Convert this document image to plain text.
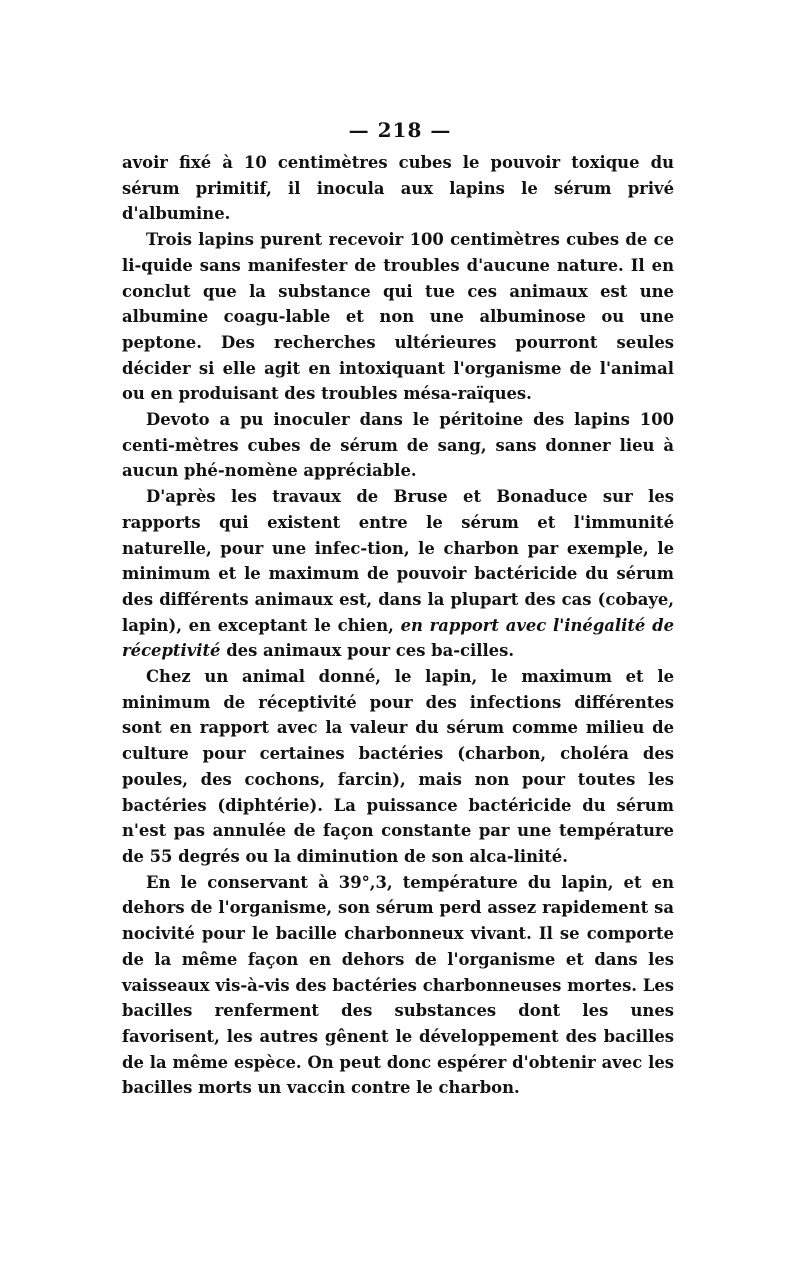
— 218 —

avoir fixé à 10 centimètres cubes le pouvoir toxique du sérum primitif, il inocula aux lapins le sérum privé d'albumine.

Trois lapins purent recevoir 100 centimètres cubes de ce li-quide sans manifester de troubles d'aucune nature. Il en conclut que la substance qui tue ces animaux est une albumine coagu-lable et non une albuminose ou une peptone. Des recherches ultérieures pourront seules décider si elle agit en intoxiquant l'organisme de l'animal ou en produisant des troubles mésa-raïques.

Devoto a pu inoculer dans le péritoine des lapins 100 centi-mètres cubes de sérum de sang, sans donner lieu à aucun phé-nomène appréciable.

D'après les travaux de Bruse et Bonaduce sur les rapports qui existent entre le sérum et l'immunité naturelle, pour une infec-tion, le charbon par exemple, le minimum et le maximum de pouvoir bactéricide du sérum des différents animaux est, dans la plupart des cas (cobaye, lapin), en exceptant le chien, en rapport avec l'inégalité de réceptivité des animaux pour ces ba-cilles.

Chez un animal donné, le lapin, le maximum et le minimum de réceptivité pour des infections différentes sont en rapport avec la valeur du sérum comme milieu de culture pour certaines bactéries (charbon, choléra des poules, des cochons, farcin), mais non pour toutes les bactéries (diphtérie). La puissance bactéricide du sérum n'est pas annulée de façon constante par une température de 55 degrés ou la diminution de son alca-linité.

En le conservant à 39°,3, température du lapin, et en dehors de l'organisme, son sérum perd assez rapidement sa nocivité pour le bacille charbonneux vivant. Il se comporte de la même façon en dehors de l'organisme et dans les vaisseaux vis-à-vis des bactéries charbonneuses mortes. Les bacilles renferment des substances dont les unes favorisent, les autres gênent le développement des bacilles de la même espèce. On peut donc espérer d'obtenir avec les bacilles morts un vaccin contre le charbon.
